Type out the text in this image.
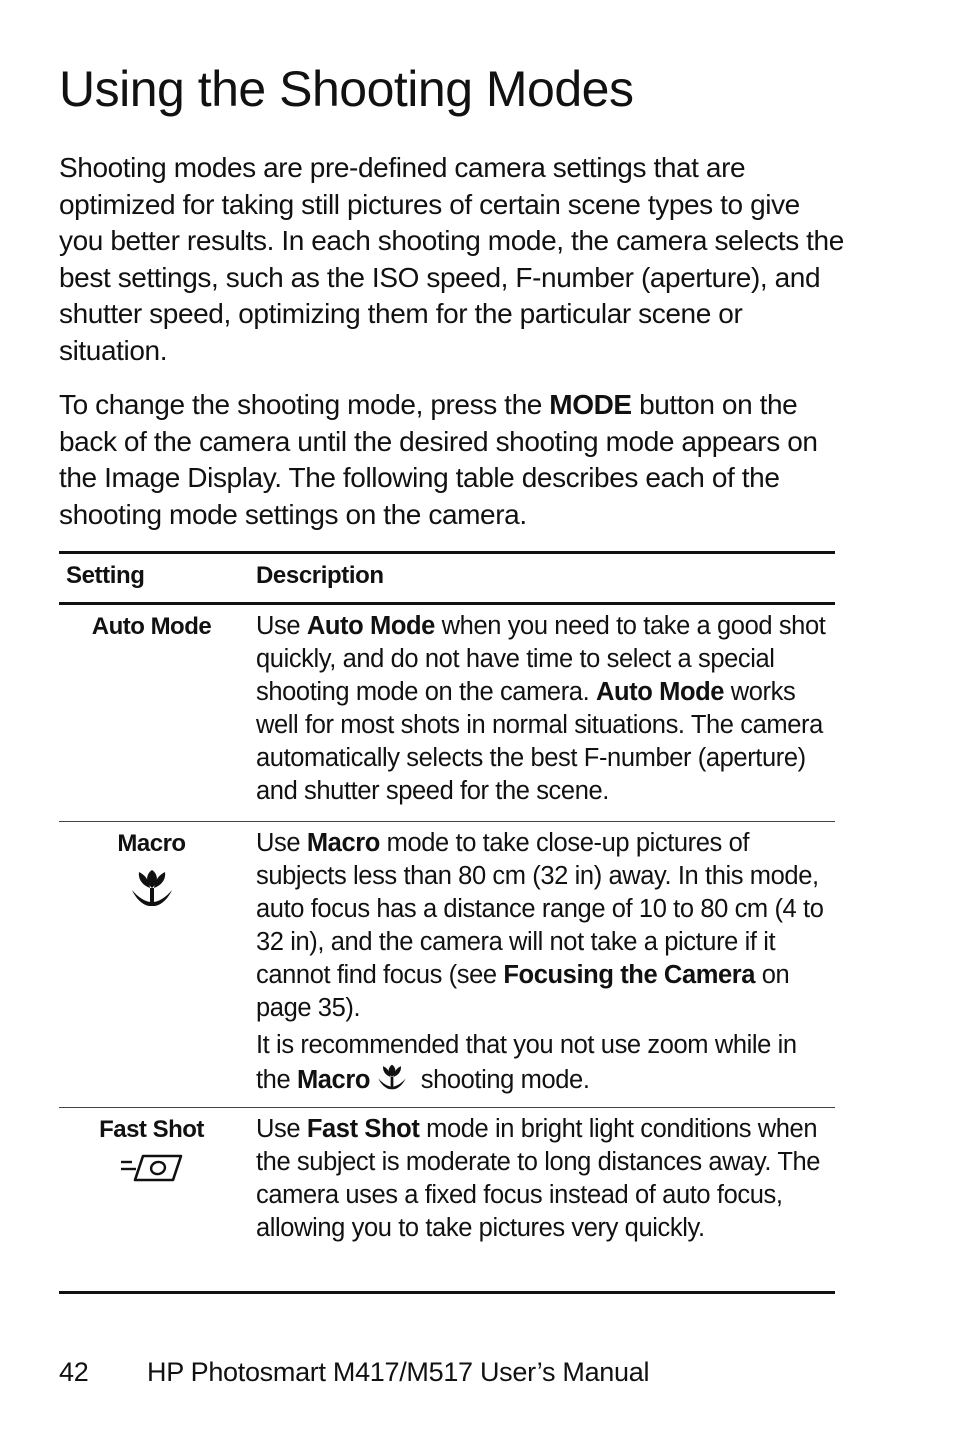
Using the Shooting Modes

Shooting modes are pre-defined camera settings that are optimized for taking still pictures of certain scene types to give you better results. In each shooting mode, the camera selects the best settings, such as the ISO speed, F-number (aperture), and shutter speed, optimizing them for the particular scene or situation.

To change the shooting mode, press the MODE button on the back of the camera until the desired shooting mode appears on the Image Display. The following table describes each of the shooting mode settings on the camera.

Setting	Description
Auto Mode	Use Auto Mode when you need to take a good shot quickly, and do not have time to select a special shooting mode on the camera. Auto Mode works well for most shots in normal situations. The camera automatically selects the best F-number (aperture) and shutter speed for the scene.

Macro	Use Macro mode to take close-up pictures of subjects less than 80 cm (32 in) away. In this mode, auto focus has a distance range of 10 to 80 cm (4 to 32 in), and the camera will not take a picture if it cannot find focus (see Focusing the Camera on page 35).

It is recommended that you not use zoom while in the Macro shooting mode.

Fast Shot	Use Fast Shot mode in bright light conditions when the subject is moderate to long distances away. The camera uses a fixed focus instead of auto focus, allowing you to take pictures very quickly.

42 HP Photosmart M417/M517 User’s Manual
